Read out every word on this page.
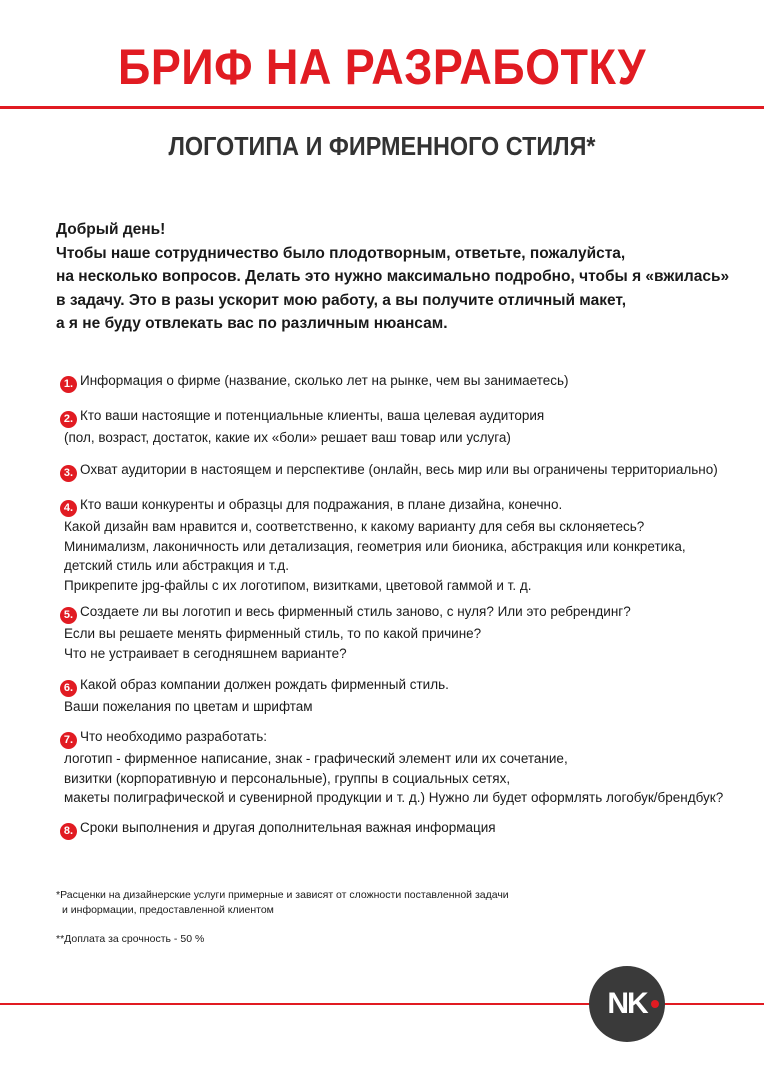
БРИФ НА РАЗРАБОТКУ
ЛОГОТИПА И ФИРМЕННОГО СТИЛЯ*
Добрый день!
Чтобы наше сотрудничество было плодотворным, ответьте, пожалуйста,
на несколько вопросов. Делать это нужно максимально подробно, чтобы я «вжилась»
в задачу. Это в разы ускорит мою работу, а вы получите отличный макет,
а я не буду отвлекать вас по различным нюансам.
1. Информация о фирме (название, сколько лет на рынке, чем вы занимаетесь)
2. Кто ваши настоящие и потенциальные клиенты, ваша целевая аудитория
(пол, возраст, достаток, какие их «боли» решает ваш товар или услуга)
3. Охват аудитории в настоящем и перспективе (онлайн, весь мир или вы ограничены территориально)
4. Кто ваши конкуренты и образцы для подражания, в плане дизайна, конечно.
Какой дизайн вам нравится и, соответственно, к какому варианту для себя вы склоняетесь?
Минимализм, лаконичность или детализация, геометрия или бионика, абстракция или конкретика,
детский стиль или абстракция и т.д.
Прикрепите jpg-файлы с их логотипом, визитками, цветовой гаммой и т. д.
5. Создаете ли вы логотип и весь фирменный стиль заново, с нуля? Или это ребрендинг?
Если вы решаете менять фирменный стиль, то по какой причине?
Что не устраивает в сегодняшнем варианте?
6. Какой образ компании должен рождать фирменный стиль.
Ваши пожелания по цветам и шрифтам
7. Что необходимо разработать:
логотип - фирменное написание, знак - графический элемент или их сочетание,
визитки (корпоративную и персональные), группы в социальных сетях,
макеты полиграфической и сувенирной продукции и т. д.) Нужно ли будет оформлять логобук/брендбук?
8. Сроки выполнения и другая дополнительная важная информация
*Расценки на дизайнерские услуги примерные и зависят от сложности поставленной задачи
и информации, предоставленной клиентом
**Доплата за срочность - 50 %
NK
